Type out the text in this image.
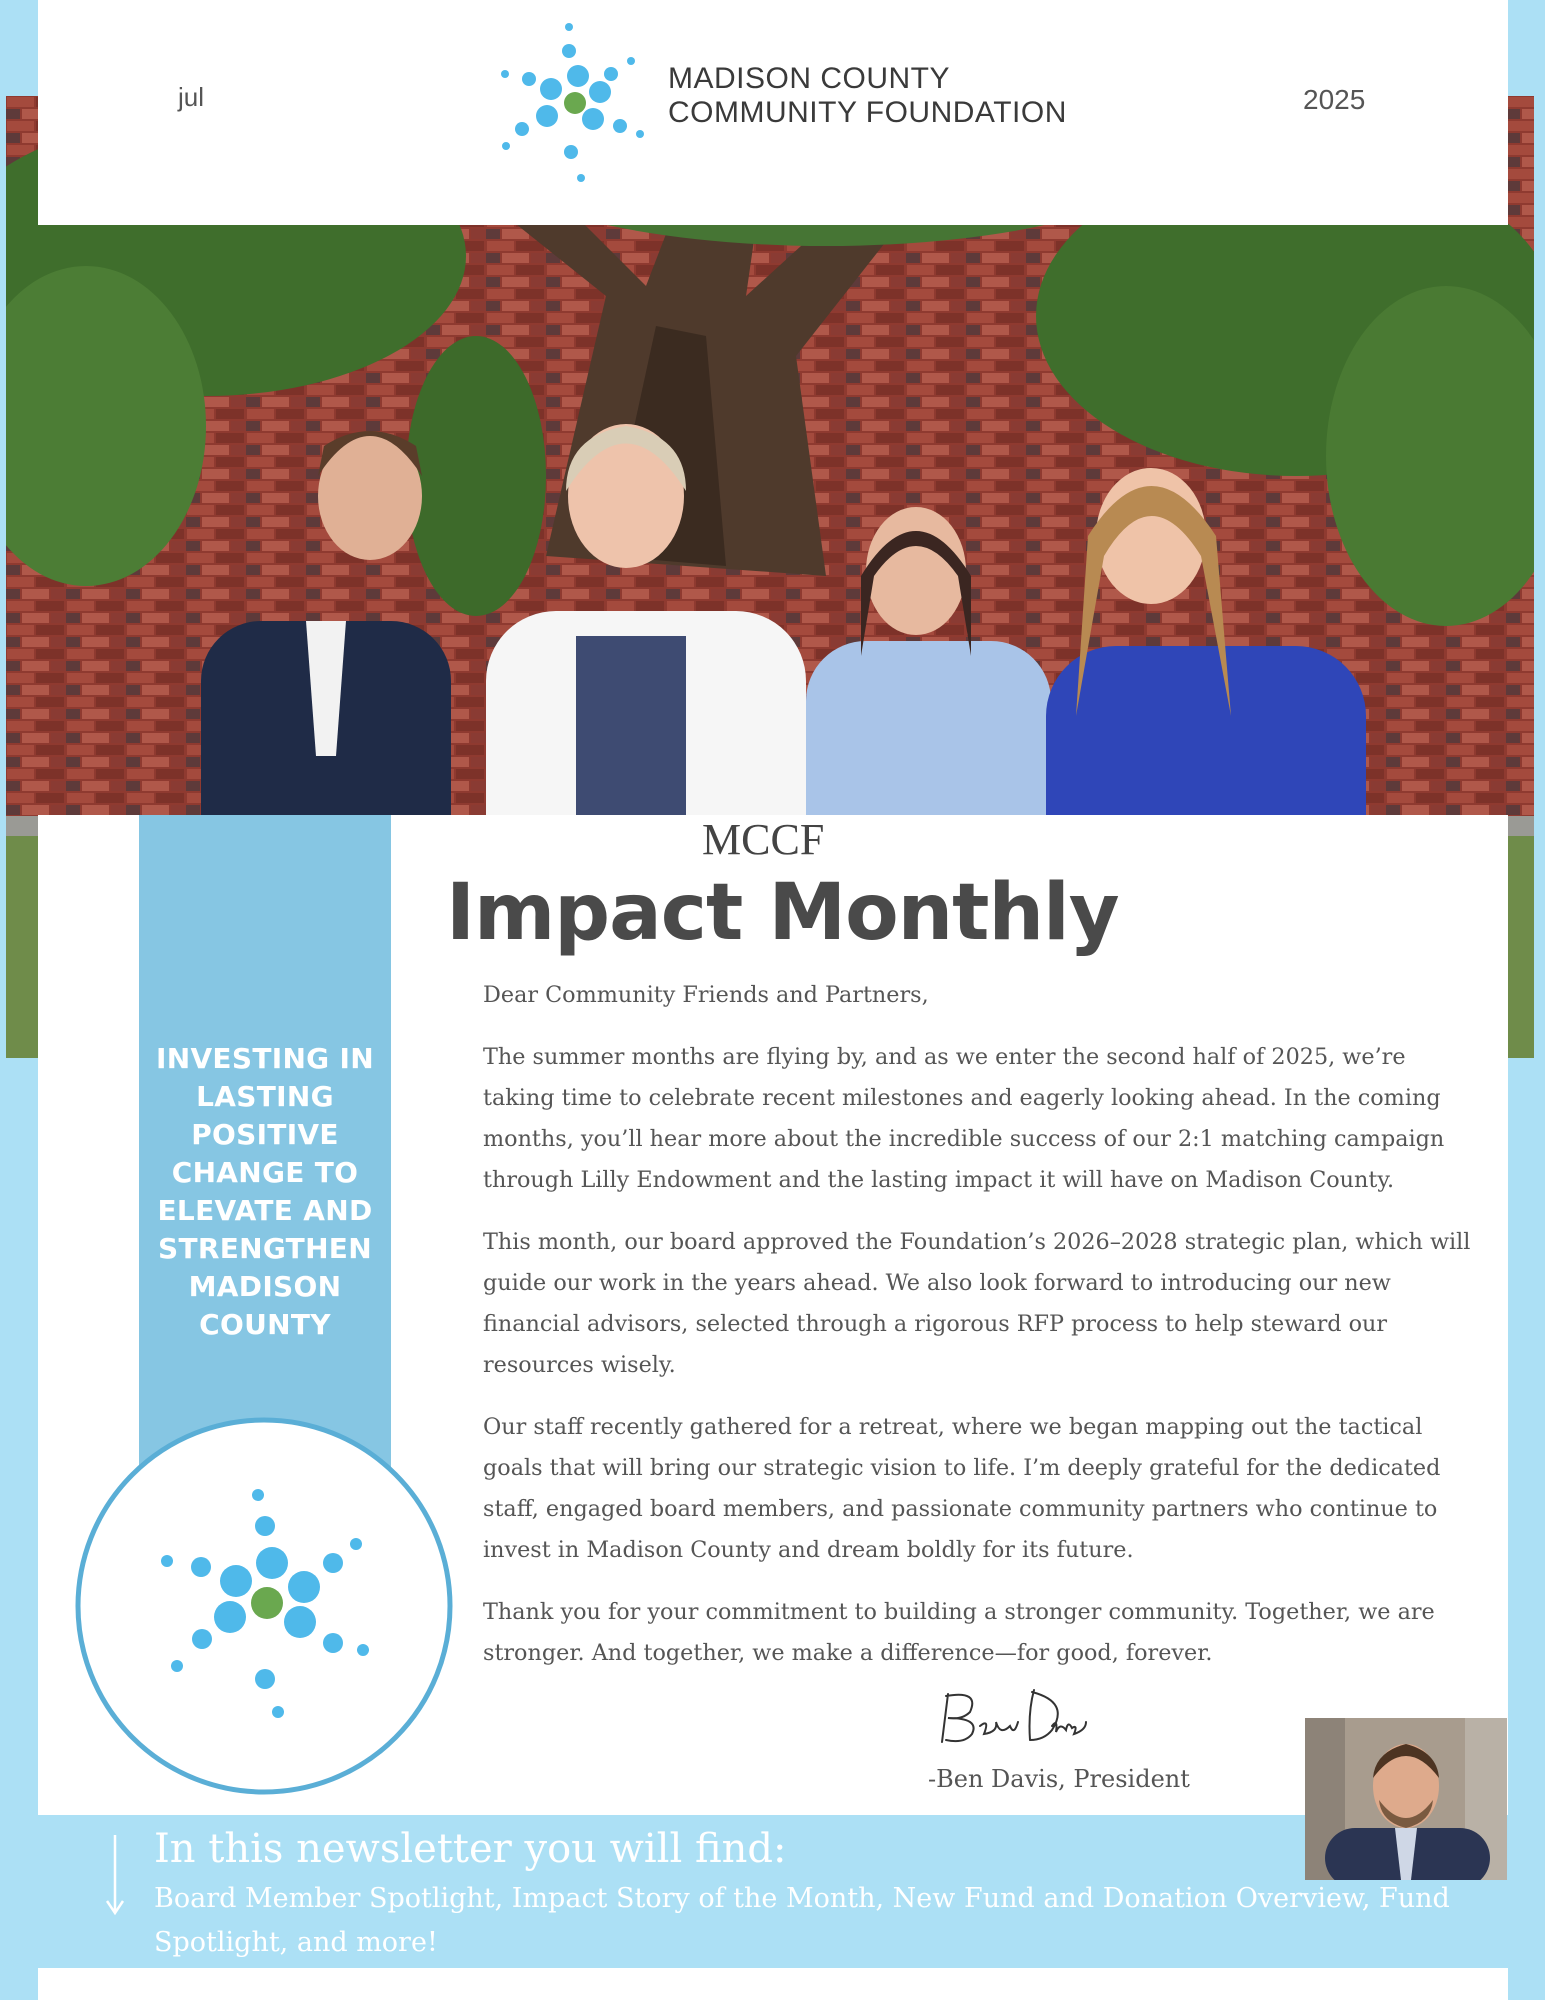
jul	2025
MADISON COUNTY
COMMUNITY FOUNDATION
INVESTING IN
LASTING
POSITIVE
CHANGE TO
ELEVATE AND
STRENGTHEN
MADISON
COUNTY
MCCF
Impact Monthly

Dear Community Friends and Partners,

The summer months are flying by, and as we enter the second half of 2025, we’re taking time to celebrate recent milestones and eagerly looking ahead. In the coming months, you’ll hear more about the incredible success of our 2:1 matching campaign through Lilly Endowment and the lasting impact it will have on Madison County.

This month, our board approved the Foundation’s 2026–2028 strategic plan, which will guide our work in the years ahead. We also look forward to introducing our new financial advisors, selected through a rigorous RFP process to help steward our resources wisely.

Our staff recently gathered for a retreat, where we began mapping out the tactical goals that will bring our strategic vision to life. I’m deeply grateful for the dedicated staff, engaged board members, and passionate community partners who continue to invest in Madison County and dream boldly for its future.

Thank you for your commitment to building a stronger community. Together, we are stronger. And together, we make a difference—for good, forever.

-Ben Davis, President
In this newsletter you will find:
Board Member Spotlight, Impact Story of the Month, New Fund and Donation Overview, Fund Spotlight, and more!
